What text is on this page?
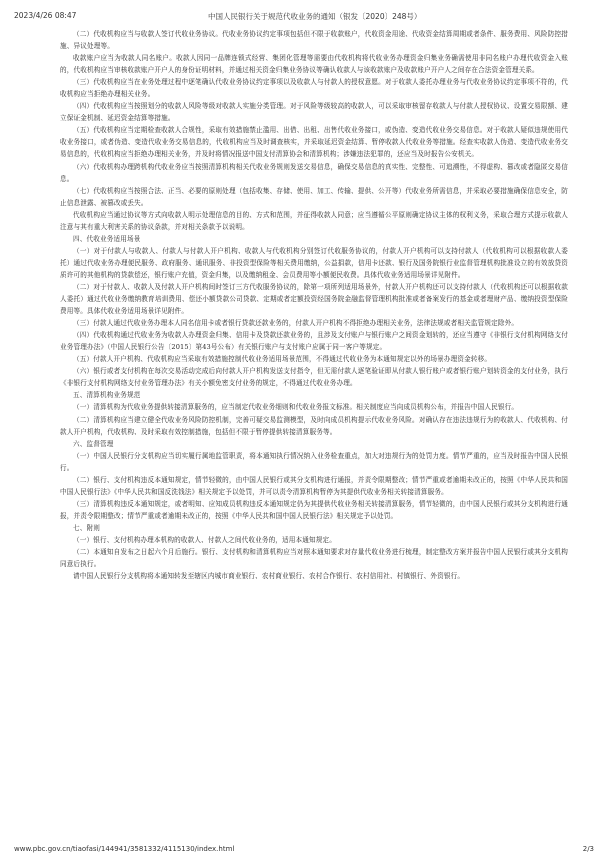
2023/4/26 08:47	中国人民银行关于规范代收业务的通知（银发〔2020〕248号）

（二）代收机构应当与收款人签订代收业务协议。代收业务协议约定事项包括但不限于收款账户，代收资金用途、代收资金结算周期或者条件、服务费用、风险防控措施、异议处理等。

收款账户应当为收款人同名账户。收款人因同一品牌连锁式经营、集团化管理等需要由代收机构将代收业务办理资金归集业务确需使用非同名账户办理代收资金入账的，代收机构应当审核收款账户开户人的身份证明材料，并通过相关资金归集业务协议等确认收款人与该收款账户及收款账户开户人之间存在合法资金管理关系。

（三）代收机构应当在业务处理过程中逐笔确认代收业务协议约定事项以及收款人与付款人的授权意愿。对于收款人委托办理业务与代收业务协议约定事项不符的，代收机构应当拒绝办理相关业务。

（四）代收机构应当按照划分的收款人风险等级对收款人实施分类管理。对于风险等级较高的收款人，可以采取审核留存收款人与付款人授权协议、设置交易限额、建立保证金机制、延迟资金结算等措施。

（五）代收机构应当定期检查收款人合规性，采取有效措施禁止滥用、出借、出租、出售代收业务接口，或伪造、变造代收业务交易信息。对于收款人疑似违规使用代收业务接口，或者伪造、变造代收业务交易信息的，代收机构应当及时调查核实，并采取延迟资金结算、暂停收款人代收业务等措施。经查实收款人伪造、变造代收业务交易信息的，代收机构应当拒绝办理相关业务，并及时将情况报送中国支付清算协会和清算机构；涉嫌违法犯罪的，还应当及时报告公安机关。

（六）代收机构办理跨机构代收业务应当按照清算机构相关代收业务规则发送交易信息，确保交易信息的真实性、完整性、可追溯性，不得虚构、篡改或者隐匿交易信息。

（七）代收机构应当按照合法、正当、必要的原则处理（包括收集、存储、使用、加工、传输、提供、公开等）代收业务所需信息，并采取必要措施确保信息安全，防止信息泄露、被篡改或丢失。

代收机构应当通过协议等方式向收款人明示处理信息的目的、方式和范围，并征得收款人同意；应当遵循公平原则确定协议主体的权利义务，采取合理方式提示收款人注意与其有重大利害关系的协议条款，并对相关条款予以说明。

四、代收业务适用场景

（一）对于付款人与收款人、付款人与付款人开户机构、收款人与代收机构分别签订代收服务协议的，付款人开户机构可以支持付款人（代收机构可以根据收款人委托）通过代收业务办理便民服务、政府服务、通讯服务、非投资型保险等相关费用缴纳，公益捐款，信用卡还款、银行及国务院银行业监督管理机构批准设立的有效放贷资质许可的其他机构的贷款偿还，银行账户充值，资金归集，以及缴纳租金、会员费用等小额便民收费。具体代收业务适用场景详见附件。

（二）对于付款人、收款人及付款人开户机构间时签订三方代收服务协议的，除第一项所列适用场景外，付款人开户机构还可以支持付款人（代收机构还可以根据收款人委托）通过代收业务缴纳教育培训费用、偿还小额贷款公司贷款、定期或者定额投资经国务院金融监督管理机构批准或者备案发行的基金或者理财产品、缴纳投资型保险费用等。具体代收业务适用场景详见附件。

（三）付款人通过代收业务办理本人同名信用卡或者银行贷款还款业务的，付款人开户机构不得拒绝办理相关业务，法律法规或者相关监管规定除外。

（四）代收机构通过代收业务为收款人办理资金归集、信用卡及贷款还款业务的，且涉及支付账户与银行账户之间资金划转的，还应当遵守《非银行支付机构网络支付业务管理办法》（中国人民银行公告〔2015〕第43号公布）有关银行账户与支付账户应属于同一客户等规定。

（五）付款人开户机构、代收机构应当采取有效措施控制代收业务适用场景范围，不得通过代收业务为本通知规定以外的场景办理资金转移。

（六）银行或者支付机构在每次交易活动完成后向付款人开户机构发送支付指令，但无需付款人逐笔验证即从付款人银行账户或者银行账户划转资金的支付业务，执行《非银行支付机构网络支付业务管理办法》有关小额免密支付业务的规定，不得通过代收业务办理。

五、清算机构业务规范

（一）清算机构为代收业务提供转接清算服务的，应当制定代收业务细则和代收业务报文标准。相关制度应当向成员机构公布，并报告中国人民银行。

（二）清算机构应当建立健全代收业务风险防控机制，完善可疑交易监测模型，及时向成员机构提示代收业务风险。对确认存在违法违规行为的收款人、代收机构、付款人开户机构，代收机构、及时采取有效控制措施，包括但不限于暂停提供转接清算服务等。

六、监督管理

（一）中国人民银行分支机构应当切实履行属地监管职责，将本通知执行情况纳入业务检查重点，加大对违规行为的处罚力度。情节严重的，应当及时报告中国人民银行。

（二）银行、支付机构违反本通知规定，情节轻微的，由中国人民银行或其分支机构进行通报，并责令限期整改；情节严重或者逾期未改正的，按照《中华人民共和国中国人民银行法》《中华人民共和国反洗钱法》相关规定予以处罚，并可以责令清算机构暂停为其提供代收业务相关转接清算服务。

（三）清算机构违反本通知规定，或者明知、应知成员机构违反本通知规定仍为其提供代收业务相关转接清算服务，情节轻微的，由中国人民银行或其分支机构进行通报，并责令限期整改；情节严重或者逾期未改正的，按照《中华人民共和国中国人民银行法》相关规定予以处罚。

七、附则

（一）银行、支付机构办理本机构的收款人、付款人之间代收业务的，适用本通知规定。

（二）本通知自发布之日起六个月后施行。银行、支付机构和清算机构应当对照本通知要求对存量代收业务进行梳理，制定整改方案并报告中国人民银行或其分支机构同意后执行。

请中国人民银行分支机构将本通知转发至辖区内城市商业银行、农村商业银行、农村合作银行、农村信用社、村镇银行、外资银行。

www.pbc.gov.cn/tiaofasi/144941/3581332/4115130/index.html	2/3
